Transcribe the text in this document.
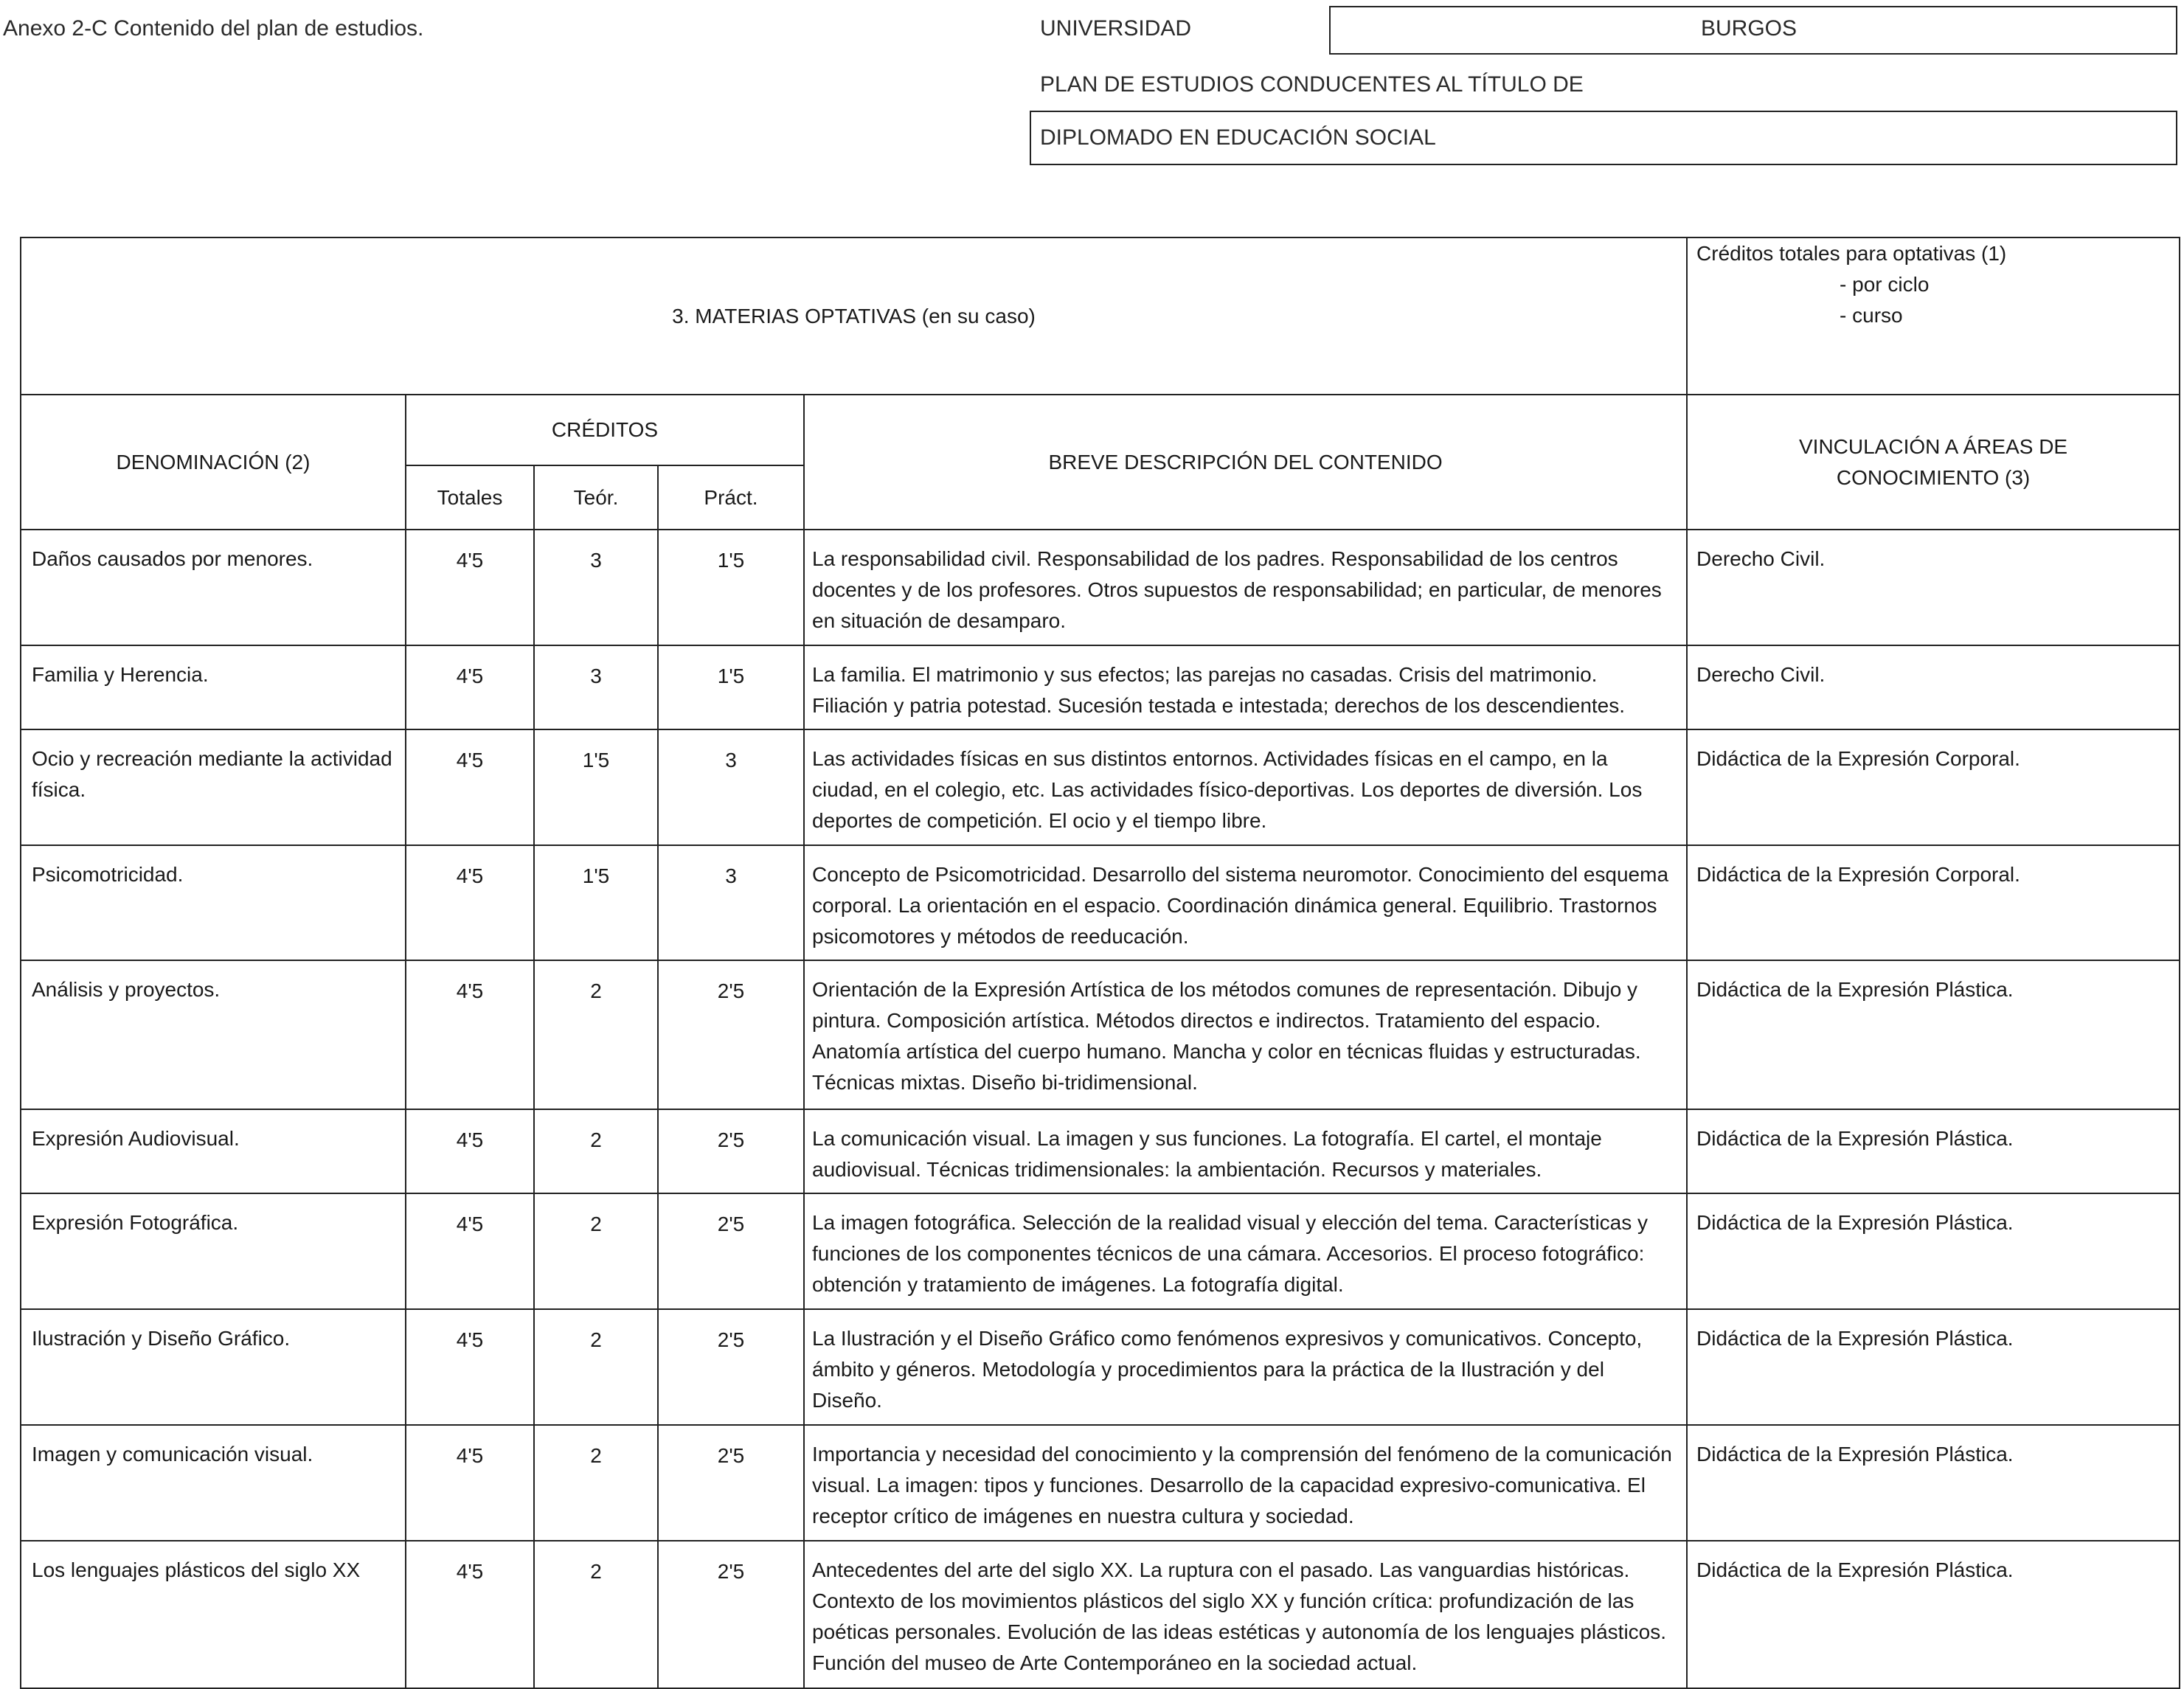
Anexo 2-C Contenido del plan de estudios.	UNIVERSIDAD	BURGOS
PLAN DE ESTUDIOS CONDUCENTES AL TÍTULO DE
DIPLOMADO EN EDUCACIÓN SOCIAL
3. MATERIAS OPTATIVAS (en su caso)					Créditos totales para optativas (1)
- por ciclo
- curso

DENOMINACIÓN (2)	CRÉDITOS			BREVE DESCRIPCIÓN DEL CONTENIDO	VINCULACIÓN A ÁREAS DE
CONOCIMIENTO (3)

	Totales	Teór.	Práct.		
Daños causados por menores.	4'5	3	1'5	La responsabilidad civil. Responsabilidad de los padres. Responsabilidad de los centros docentes y de los profesores. Otros supuestos de responsabilidad; en particular, de menores en situación de desamparo.	Derecho Civil.
Familia y Herencia.	4'5	3	1'5	La familia. El matrimonio y sus efectos; las parejas no casadas. Crisis del matrimonio. Filiación y patria potestad. Sucesión testada e intestada; derechos de los descendientes.	Derecho Civil.
Ocio y recreación mediante la actividad física.	4'5	1'5	3	Las actividades físicas en sus distintos entornos. Actividades físicas en el campo, en la ciudad, en el colegio, etc. Las actividades físico-deportivas. Los deportes de diversión. Los deportes de competición. El ocio y el tiempo libre.	Didáctica de la Expresión Corporal.
Psicomotricidad.	4'5	1'5	3	Concepto de Psicomotricidad. Desarrollo del sistema neuromotor. Conocimiento del esquema corporal. La orientación en el espacio. Coordinación dinámica general. Equilibrio. Trastornos psicomotores y métodos de reeducación.	Didáctica de la Expresión Corporal.
Análisis y proyectos.	4'5	2	2'5	Orientación de la Expresión Artística de los métodos comunes de representación. Dibujo y pintura. Composición artística. Métodos directos e indirectos. Tratamiento del espacio. Anatomía artística del cuerpo humano. Mancha y color en técnicas fluidas y estructuradas. Técnicas mixtas. Diseño bi-tridimensional.	Didáctica de la Expresión Plástica.
Expresión Audiovisual.	4'5	2	2'5	La comunicación visual. La imagen y sus funciones. La fotografía. El cartel, el montaje audiovisual. Técnicas tridimensionales: la ambientación. Recursos y materiales.	Didáctica de la Expresión Plástica.
Expresión Fotográfica.	4'5	2	2'5	La imagen fotográfica. Selección de la realidad visual y elección del tema. Características y funciones de los componentes técnicos de una cámara. Accesorios. El proceso fotográfico: obtención y tratamiento de imágenes. La fotografía digital.	Didáctica de la Expresión Plástica.
Ilustración y Diseño Gráfico.	4'5	2	2'5	La Ilustración y el Diseño Gráfico como fenómenos expresivos y comunicativos. Concepto, ámbito y géneros. Metodología y procedimientos para la práctica de la Ilustración y del Diseño.	Didáctica de la Expresión Plástica.
Imagen y comunicación visual.	4'5	2	2'5	Importancia y necesidad del conocimiento y la comprensión del fenómeno de la comunicación visual. La imagen: tipos y funciones. Desarrollo de la capacidad expresivo-comunicativa. El receptor crítico de imágenes en nuestra cultura y sociedad.	Didáctica de la Expresión Plástica.
Los lenguajes plásticos del siglo XX	4'5	2	2'5	Antecedentes del arte del siglo XX. La ruptura con el pasado. Las vanguardias históricas. Contexto de los movimientos plásticos del siglo XX y función crítica: profundización de las poéticas personales. Evolución de las ideas estéticas y autonomía de los lenguajes plásticos. Función del museo de Arte Contemporáneo en la sociedad actual.	Didáctica de la Expresión Plástica.
